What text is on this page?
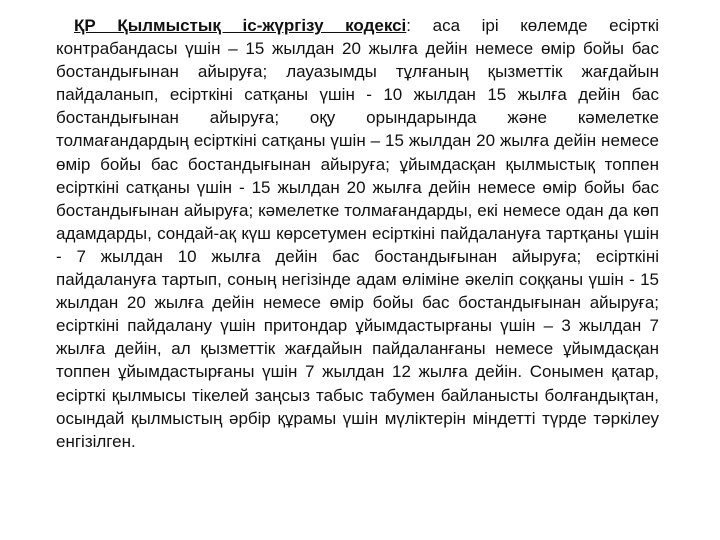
ҚР Қылмыстық іс-жүргізу кодексі: аса ірі көлемде есірткі контрабандасы үшін – 15 жылдан 20 жылға дейін немесе өмір бойы бас бостандығынан айыруға; лауазымды тұлғаның қызметтік жағдайын пайдаланып, есірткіні сатқаны үшін - 10 жылдан 15 жылға дейін бас бостандығынан айыруға; оқу орындарында және кәмелетке толмағандардың есірткіні сатқаны үшін – 15 жылдан 20 жылға дейін немесе өмір бойы бас бостандығынан айыруға; ұйымдасқан қылмыстық топпен есірткіні сатқаны үшін - 15 жылдан 20 жылға дейін немесе өмір бойы бас бостандығынан айыруға; кәмелетке толмағандарды, екі немесе одан да көп адамдарды, сондай-ақ күш көрсетумен есірткіні пайдалануға тартқаны үшін - 7 жылдан 10 жылға дейін бас бостандығынан айыруға; есірткіні пайдалануға тартып, соның негізінде адам өліміне әкеліп соққаны үшін - 15 жылдан 20 жылға дейін немесе өмір бойы бас бостандығынан айыруға; есірткіні пайдалану үшін притондар ұйымдастырғаны үшін – 3 жылдан 7 жылға дейін, ал қызметтік жағдайын пайдаланғаны немесе ұйымдасқан топпен ұйымдастырғаны үшін 7 жылдан 12 жылға дейін. Сонымен қатар, есірткі қылмысы тікелей заңсыз табыс табумен байланысты болғандықтан, осындай қылмыстың әрбір құрамы үшін мүліктерін міндетті түрде тәркілеу енгізілген.
